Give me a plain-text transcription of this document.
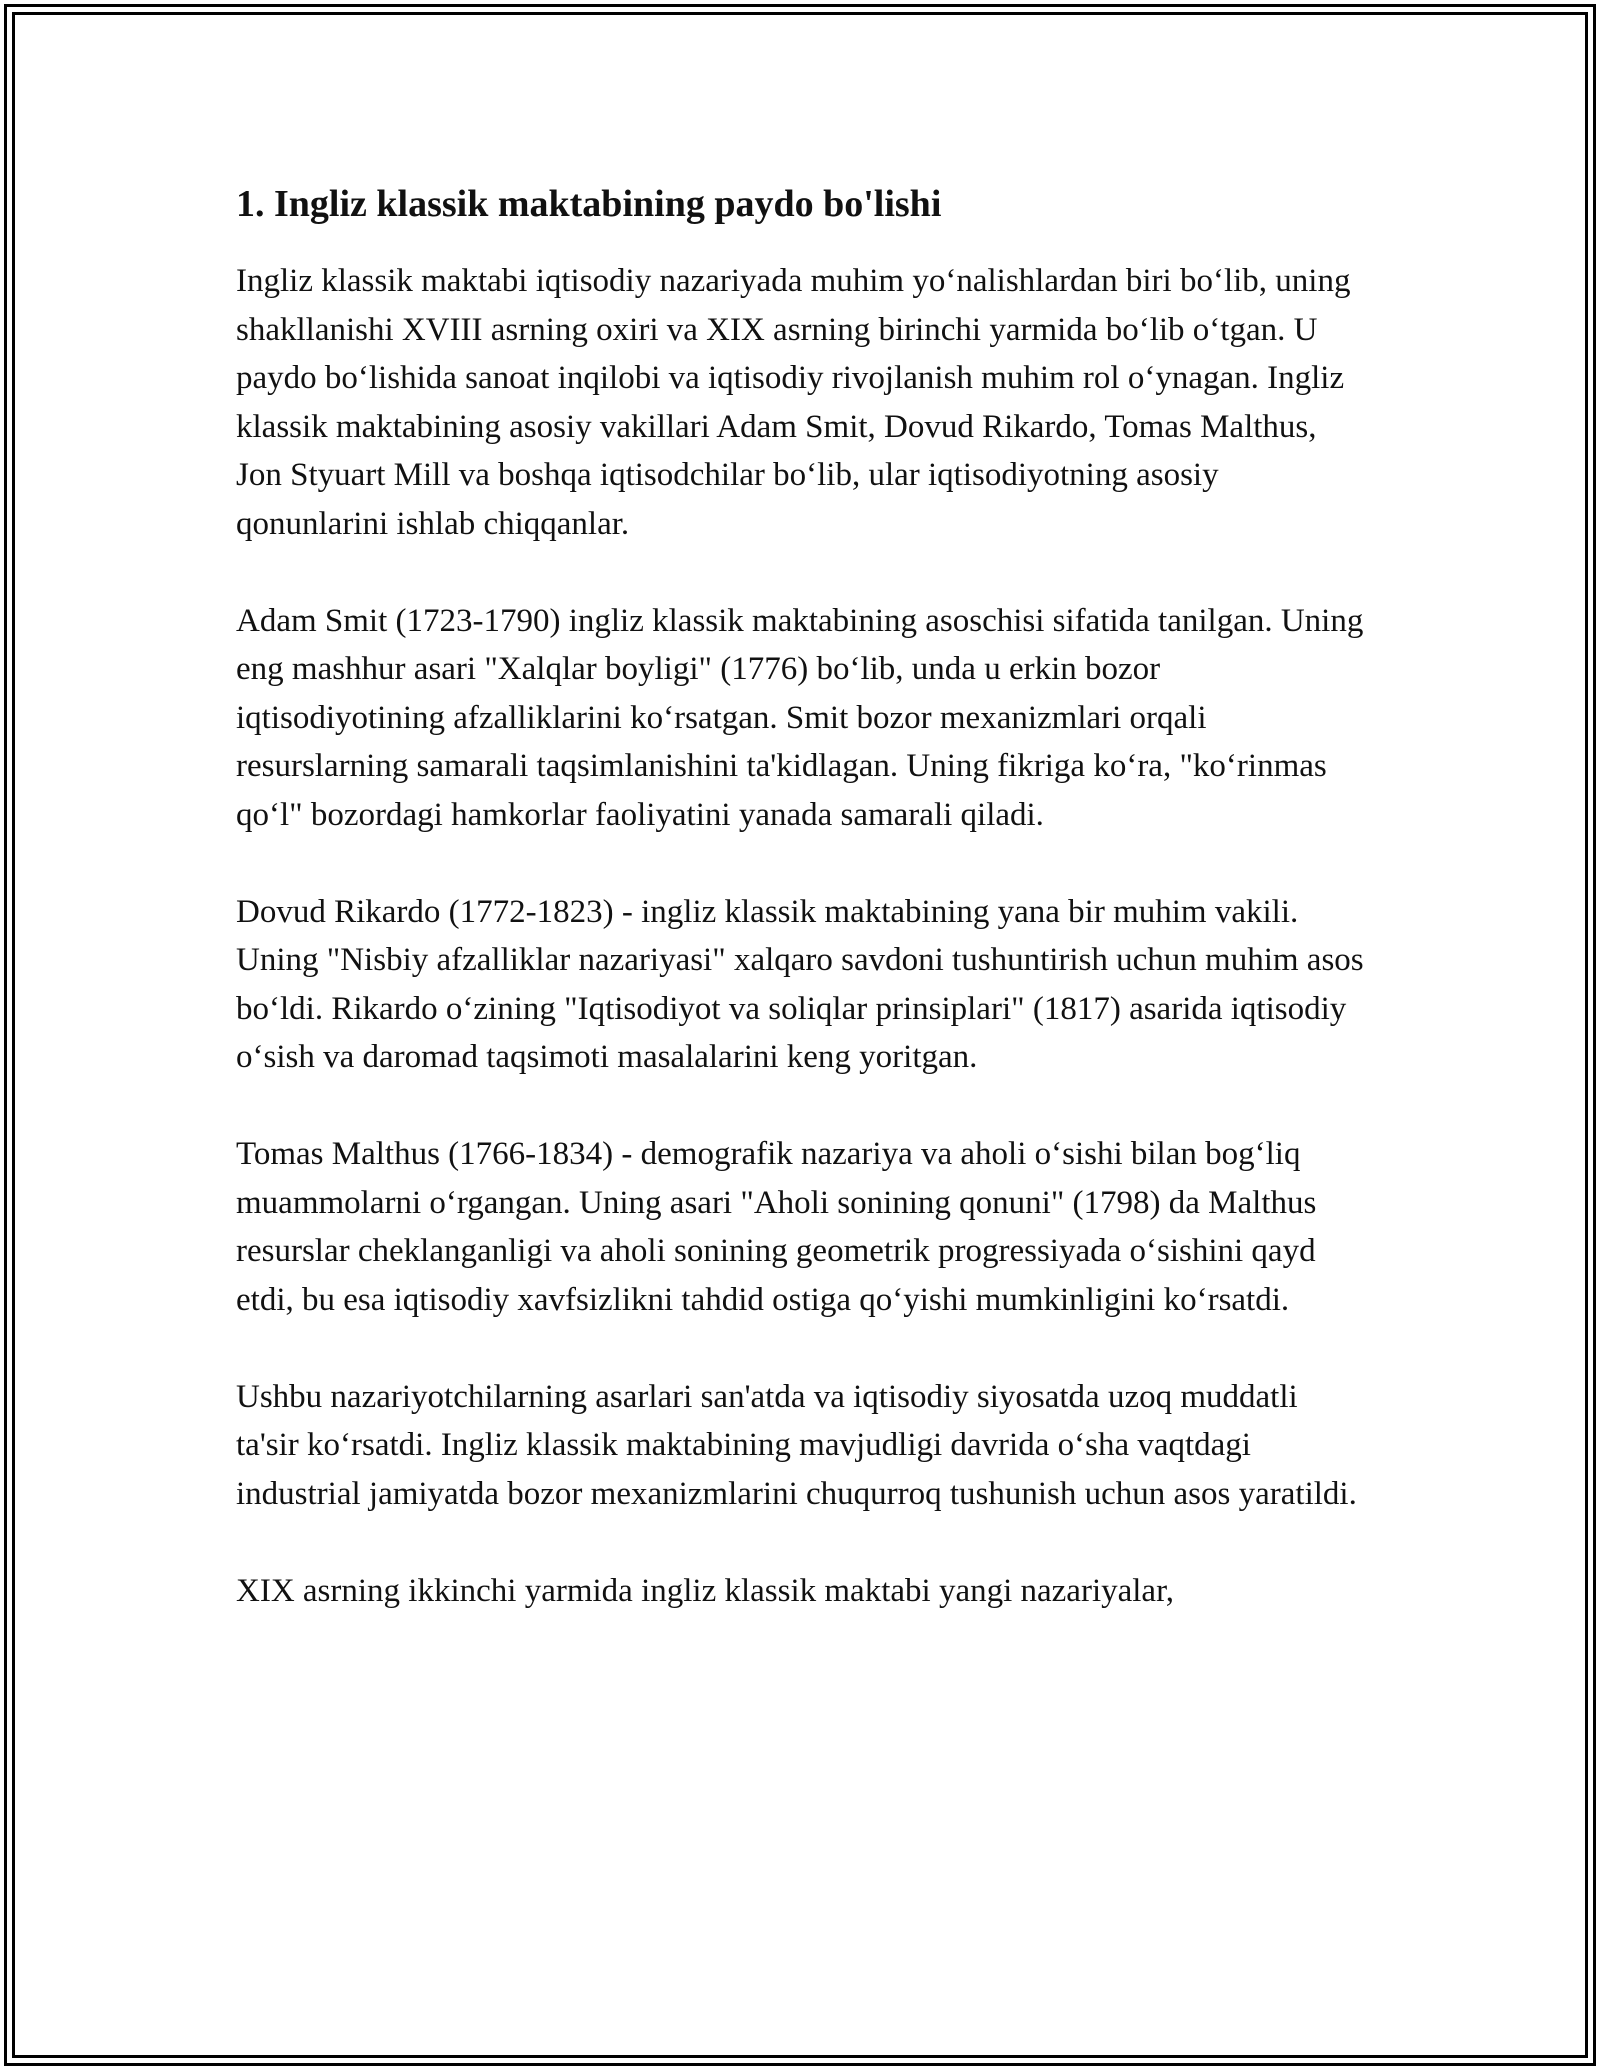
1. Ingliz klassik maktabining paydo bo'lishi

Ingliz klassik maktabi iqtisodiy nazariyada muhim yo‘nalishlardan biri bo‘lib, uning shakllanishi XVIII asrning oxiri va XIX asrning birinchi yarmida bo‘lib o‘tgan. U paydo bo‘lishida sanoat inqilobi va iqtisodiy rivojlanish muhim rol o‘ynagan. Ingliz klassik maktabining asosiy vakillari Adam Smit, Dovud Rikardo, Tomas Malthus, Jon Styuart Mill va boshqa iqtisodchilar bo‘lib, ular iqtisodiyotning asosiy qonunlarini ishlab chiqqanlar.

Adam Smit (1723-1790) ingliz klassik maktabining asoschisi sifatida tanilgan. Uning eng mashhur asari "Xalqlar boyligi" (1776) bo‘lib, unda u erkin bozor iqtisodiyotining afzalliklarini ko‘rsatgan. Smit bozor mexanizmlari orqali resurslarning samarali taqsimlanishini ta'kidlagan. Uning fikriga ko‘ra, "ko‘rinmas qo‘l" bozordagi hamkorlar faoliyatini yanada samarali qiladi.

Dovud Rikardo (1772-1823) - ingliz klassik maktabining yana bir muhim vakili. Uning "Nisbiy afzalliklar nazariyasi" xalqaro savdoni tushuntirish uchun muhim asos bo‘ldi. Rikardo o‘zining "Iqtisodiyot va soliqlar prinsiplari" (1817) asarida iqtisodiy o‘sish va daromad taqsimoti masalalarini keng yoritgan.

Tomas Malthus (1766-1834) - demografik nazariya va aholi o‘sishi bilan bog‘liq muammolarni o‘rgangan. Uning asari "Aholi sonining qonuni" (1798) da Malthus resurslar cheklanganligi va aholi sonining geometrik progressiyada o‘sishini qayd etdi, bu esa iqtisodiy xavfsizlikni tahdid ostiga qo‘yishi mumkinligini ko‘rsatdi.

Ushbu nazariyotchilarning asarlari san'atda va iqtisodiy siyosatda uzoq muddatli ta'sir ko‘rsatdi. Ingliz klassik maktabining mavjudligi davrida o‘sha vaqtdagi industrial jamiyatda bozor mexanizmlarini chuqurroq tushunish uchun asos yaratildi.

XIX asrning ikkinchi yarmida ingliz klassik maktabi yangi nazariyalar,
